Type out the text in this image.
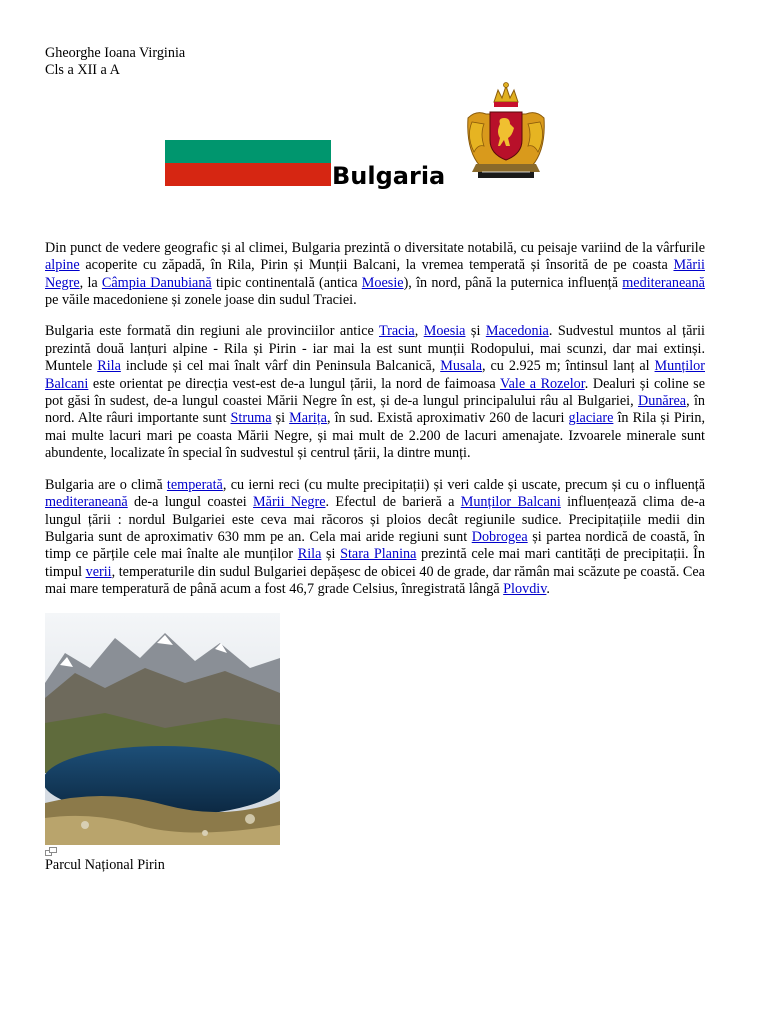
Gheorghe Ioana Virginia

Cls a XII a A

Bulgaria

Din punct de vedere geografic și al climei, Bulgaria prezintă o diversitate notabilă, cu peisaje variind de la vârfurile alpine acoperite cu zăpadă, în Rila, Pirin și Munții Balcani, la vremea temperată și însorită de pe coasta Mării Negre, la Câmpia Danubiană tipic continentală (antica Moesie), în nord, până la puternica influență mediteraneană pe văile macedoniene și zonele joase din sudul Traciei.

Bulgaria este formată din regiuni ale provinciilor antice Tracia, Moesia și Macedonia. Sudvestul muntos al țării prezintă două lanțuri alpine - Rila și Pirin - iar mai la est sunt munții Rodopului, mai scunzi, dar mai extinși. Muntele Rila include și cel mai înalt vârf din Peninsula Balcanică, Musala, cu 2.925 m; întinsul lanț al Munților Balcani este orientat pe direcția vest-est de-a lungul țării, la nord de faimoasa Vale a Rozelor. Dealuri și coline se pot găsi în sudest, de-a lungul coastei Mării Negre în est, și de-a lungul principalului râu al Bulgariei, Dunărea, în nord. Alte râuri importante sunt Struma și Marița, în sud. Există aproximativ 260 de lacuri glaciare în Rila și Pirin, mai multe lacuri mari pe coasta Mării Negre, și mai mult de 2.200 de lacuri amenajate. Izvoarele minerale sunt abundente, localizate în special în sudvestul și centrul țării, la dintre munți.

Bulgaria are o climă temperată, cu ierni reci (cu multe precipitații) și veri calde și uscate, precum și cu o influență mediteraneană de-a lungul coastei Mării Negre. Efectul de barieră a Munților Balcani influențează clima de-a lungul țării : nordul Bulgariei este ceva mai răcoros și ploios decât regiunile sudice. Precipitațiile medii din Bulgaria sunt de aproximativ 630 mm pe an. Cela mai aride regiuni sunt Dobrogea și partea nordică de coastă, în timp ce părțile cele mai înalte ale munților Rila și Stara Planina prezintă cele mai mari cantități de precipitații. În timpul verii, temperaturile din sudul Bulgariei depășesc de obicei 40 de grade, dar rămân mai scăzute pe coastă. Cea mai mare temperatură de până acum a fost 46,7 grade Celsius, înregistrată lângă Plovdiv.

Parcul Național Pirin
